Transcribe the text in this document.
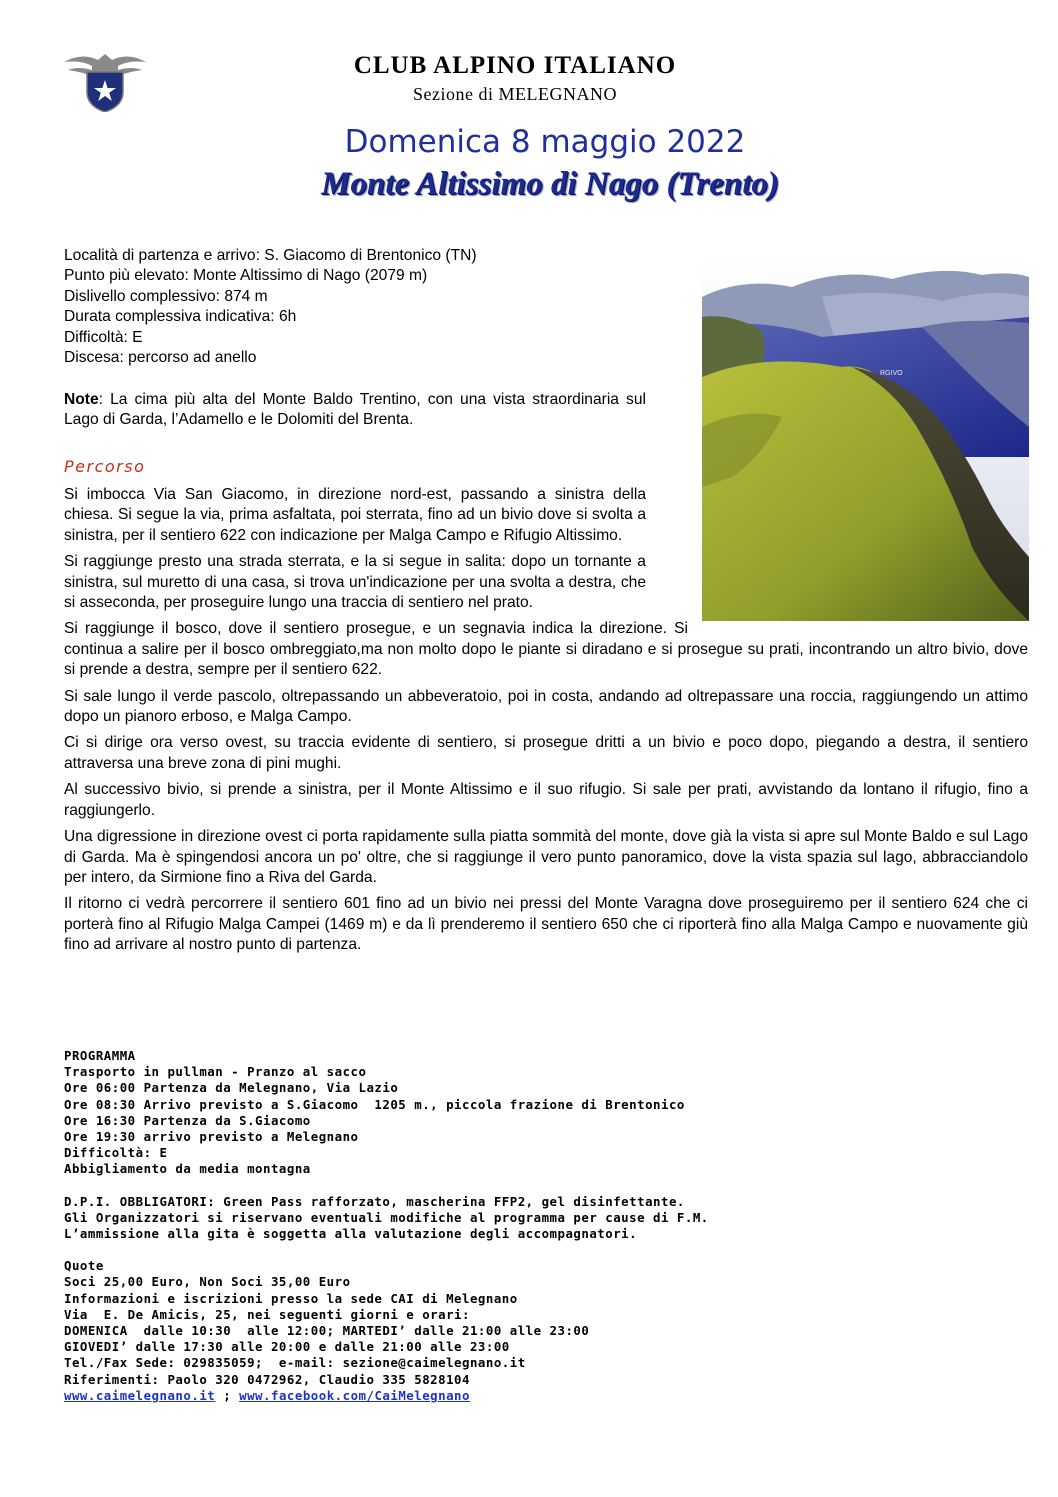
CLUB ALPINO ITALIANO
Sezione di MELEGNANO
Domenica 8 maggio 2022
Monte Altissimo di Nago (Trento)
Località di partenza e arrivo: S. Giacomo di Brentonico (TN)
Punto più elevato: Monte Altissimo di Nago (2079 m)
Dislivello complessivo: 874 m
Durata complessiva indicativa: 6h
Difficoltà: E
Discesa: percorso ad anello
Note: La cima più alta del Monte Baldo Trentino, con una vista straordinaria sul Lago di Garda, l’Adamello e le Dolomiti del Brenta.
Percorso

Si imbocca Via San Giacomo, in direzione nord-est, passando a sinistra della chiesa. Si segue la via, prima asfaltata, poi sterrata, fino ad un bivio dove si svolta a sinistra, per il sentiero 622 con indicazione per Malga Campo e Rifugio Altissimo.

Si raggiunge presto una strada sterrata, e la si segue in salita: dopo un tornante a sinistra, sul muretto di una casa, si trova un'indicazione per una svolta a destra, che si asseconda, per proseguire lungo una traccia di sentiero nel prato.

Si raggiunge il bosco, dove il sentiero prosegue, e un segnavia indica la direzione. Si continua a salire per il bosco ombreggiato,ma non molto dopo le piante si diradano e si prosegue su prati, incontrando un altro bivio, dove si prende a destra, sempre per il sentiero 622.

Si sale lungo il verde pascolo, oltrepassando un abbeveratoio, poi in costa, andando ad oltrepassare una roccia, raggiungendo un attimo dopo un pianoro erboso, e Malga Campo.

Ci si dirige ora verso ovest, su traccia evidente di sentiero, si prosegue dritti a un bivio e poco dopo, piegando a destra, il sentiero attraversa una breve zona di pini mughi.

Al successivo bivio, si prende a sinistra, per il Monte Altissimo e il suo rifugio. Si sale per prati, avvistando da lontano il rifugio, fino a raggiungerlo.

Una digressione in direzione ovest ci porta rapidamente sulla piatta sommità del monte, dove già la vista si apre sul Monte Baldo e sul Lago di Garda. Ma è spingendosi ancora un po' oltre, che si raggiunge il vero punto panoramico, dove la vista spazia sul lago, abbracciandolo per intero, da Sirmione fino a Riva del Garda.

Il ritorno ci vedrà percorrere il sentiero 601 fino ad un bivio nei pressi del Monte Varagna dove proseguiremo per il sentiero 624 che ci porterà fino al Rifugio Malga Campei (1469 m) e da lì prenderemo il sentiero 650 che ci riporterà fino alla Malga Campo e nuovamente giù fino ad arrivare al nostro punto di partenza.

RGIVO
PROGRAMMA
Trasporto in pullman - Pranzo al sacco
Ore 06:00 Partenza da Melegnano, Via Lazio
Ore 08:30 Arrivo previsto a S.Giacomo  1205 m., piccola frazione di Brentonico
Ore 16:30 Partenza da S.Giacomo
Ore 19:30 arrivo previsto a Melegnano
Difficoltà: E
Abbigliamento da media montagna
D.P.I. OBBLIGATORI: Green Pass rafforzato, mascherina FFP2, gel disinfettante.
Gli Organizzatori si riservano eventuali modifiche al programma per cause di F.M.
L’ammissione alla gita è soggetta alla valutazione degli accompagnatori.
Quote
Soci 25,00 Euro, Non Soci 35,00 Euro
Informazioni e iscrizioni presso la sede CAI di Melegnano
Via  E. De Amicis, 25, nei seguenti giorni e orari:
DOMENICA  dalle 10:30  alle 12:00; MARTEDI’ dalle 21:00 alle 23:00
GIOVEDI’ dalle 17:30 alle 20:00 e dalle 21:00 alle 23:00
Tel./Fax Sede: 029835059;  e-mail: sezione@caimelegnano.it
Riferimenti: Paolo 320 0472962, Claudio 335 5828104
www.caimelegnano.it ; www.facebook.com/CaiMelegnano
